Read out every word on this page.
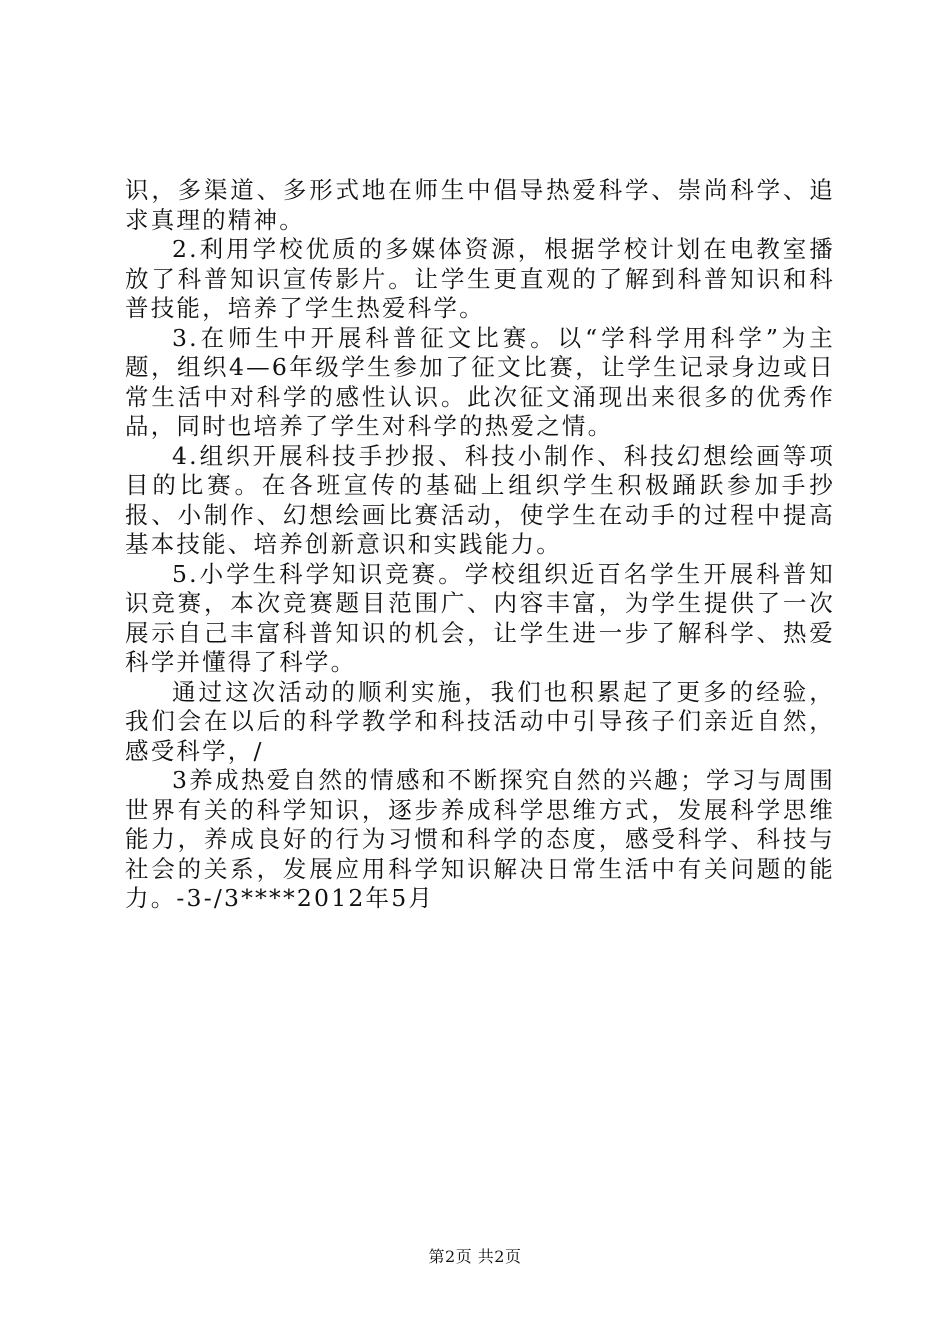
识，多渠道、多形式地在师生中倡导热爱科学、崇尚科学、追求真理的精神。

2.利用学校优质的多媒体资源，根据学校计划在电教室播放了科普知识宣传影片。让学生更直观的了解到科普知识和科普技能，培养了学生热爱科学。

3.在师生中开展科普征文比赛。以“学科学用科学”为主题，组织4—6年级学生参加了征文比赛，让学生记录身边或日常生活中对科学的感性认识。此次征文涌现出来很多的优秀作品，同时也培养了学生对科学的热爱之情。

4.组织开展科技手抄报、科技小制作、科技幻想绘画等项目的比赛。在各班宣传的基础上组织学生积极踊跃参加手抄报、小制作、幻想绘画比赛活动，使学生在动手的过程中提高基本技能、培养创新意识和实践能力。

5.小学生科学知识竞赛。学校组织近百名学生开展科普知识竞赛，本次竞赛题目范围广、内容丰富，为学生提供了一次展示自己丰富科普知识的机会，让学生进一步了解科学、热爱科学并懂得了科学。

通过这次活动的顺利实施，我们也积累起了更多的经验，我们会在以后的科学教学和科技活动中引导孩子们亲近自然，感受科学，/

3养成热爱自然的情感和不断探究自然的兴趣；学习与周围世界有关的科学知识，逐步养成科学思维方式，发展科学思维能力，养成良好的行为习惯和科学的态度，感受科学、科技与社会的关系，发展应用科学知识解决日常生活中有关问题的能力。-3-/3****2012年5月

第2页 共2页
